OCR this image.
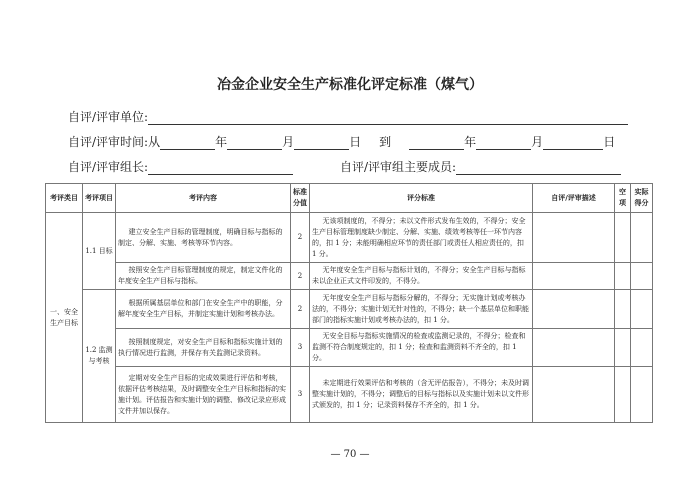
冶金企业安全生产标准化评定标准（煤气）
自评/评审单位:
自评/评审时间: 从	年	月	日	到	年	月	日
自评/评审组长:	自评/评审组主要成员:
考评类目	考评项目	考评内容	标准分值	评分标准	自评/评审描述	空项	实际得分
一、安全生产目标	1.1 目标	建立安全生产目标的管理制度，明确目标与指标的制定、分解、实施、考核等环节内容。	2	无该项制度的，不得分；未以文件形式发布生效的，不得分；安全生产目标管理制度缺少制定、分解、实施、绩效考核等任一环节内容的，扣 1 分；未能明确相应环节的责任部门或责任人相应责任的，扣 1 分。			
		按照安全生产目标管理制度的规定，制定文件化的年度安全生产目标与指标。	2	无年度安全生产目标与指标计划的，不得分；安全生产目标与指标未以企业正式文件印发的，不得分。			
	1.2 监测与考核	根据所属基层单位和部门在安全生产中的职能，分解年度安全生产目标，并制定实施计划和考核办法。	2	无年度安全生产目标与指标分解的，不得分；无实施计划或考核办法的，不得分；实施计划无针对性的，不得分；缺一个基层单位和职能部门的指标实施计划或考核办法的，扣 1 分。			
		按照制度规定，对安全生产目标和指标实施计划的执行情况进行监测，并保存有关监测记录资料。	3	无安全目标与指标实施情况的检查或监测记录的，不得分；检查和监测不符合制度规定的，扣 1 分；检查和监测资料不齐全的，扣 1 分。			
		定期对安全生产目标的完成效果进行评估和考核，依据评估考核结果，及时调整安全生产目标和指标的实施计划。评估报告和实施计划的调整、修改记录应形成文件并加以保存。	3	未定期进行效果评估和考核的（含无评估报告），不得分；未及时调整实施计划的，不得分；调整后的目标与指标以及实施计划未以文件形式颁发的，扣 1 分；记录资料保存不齐全的，扣 1 分。			
— 70 —
